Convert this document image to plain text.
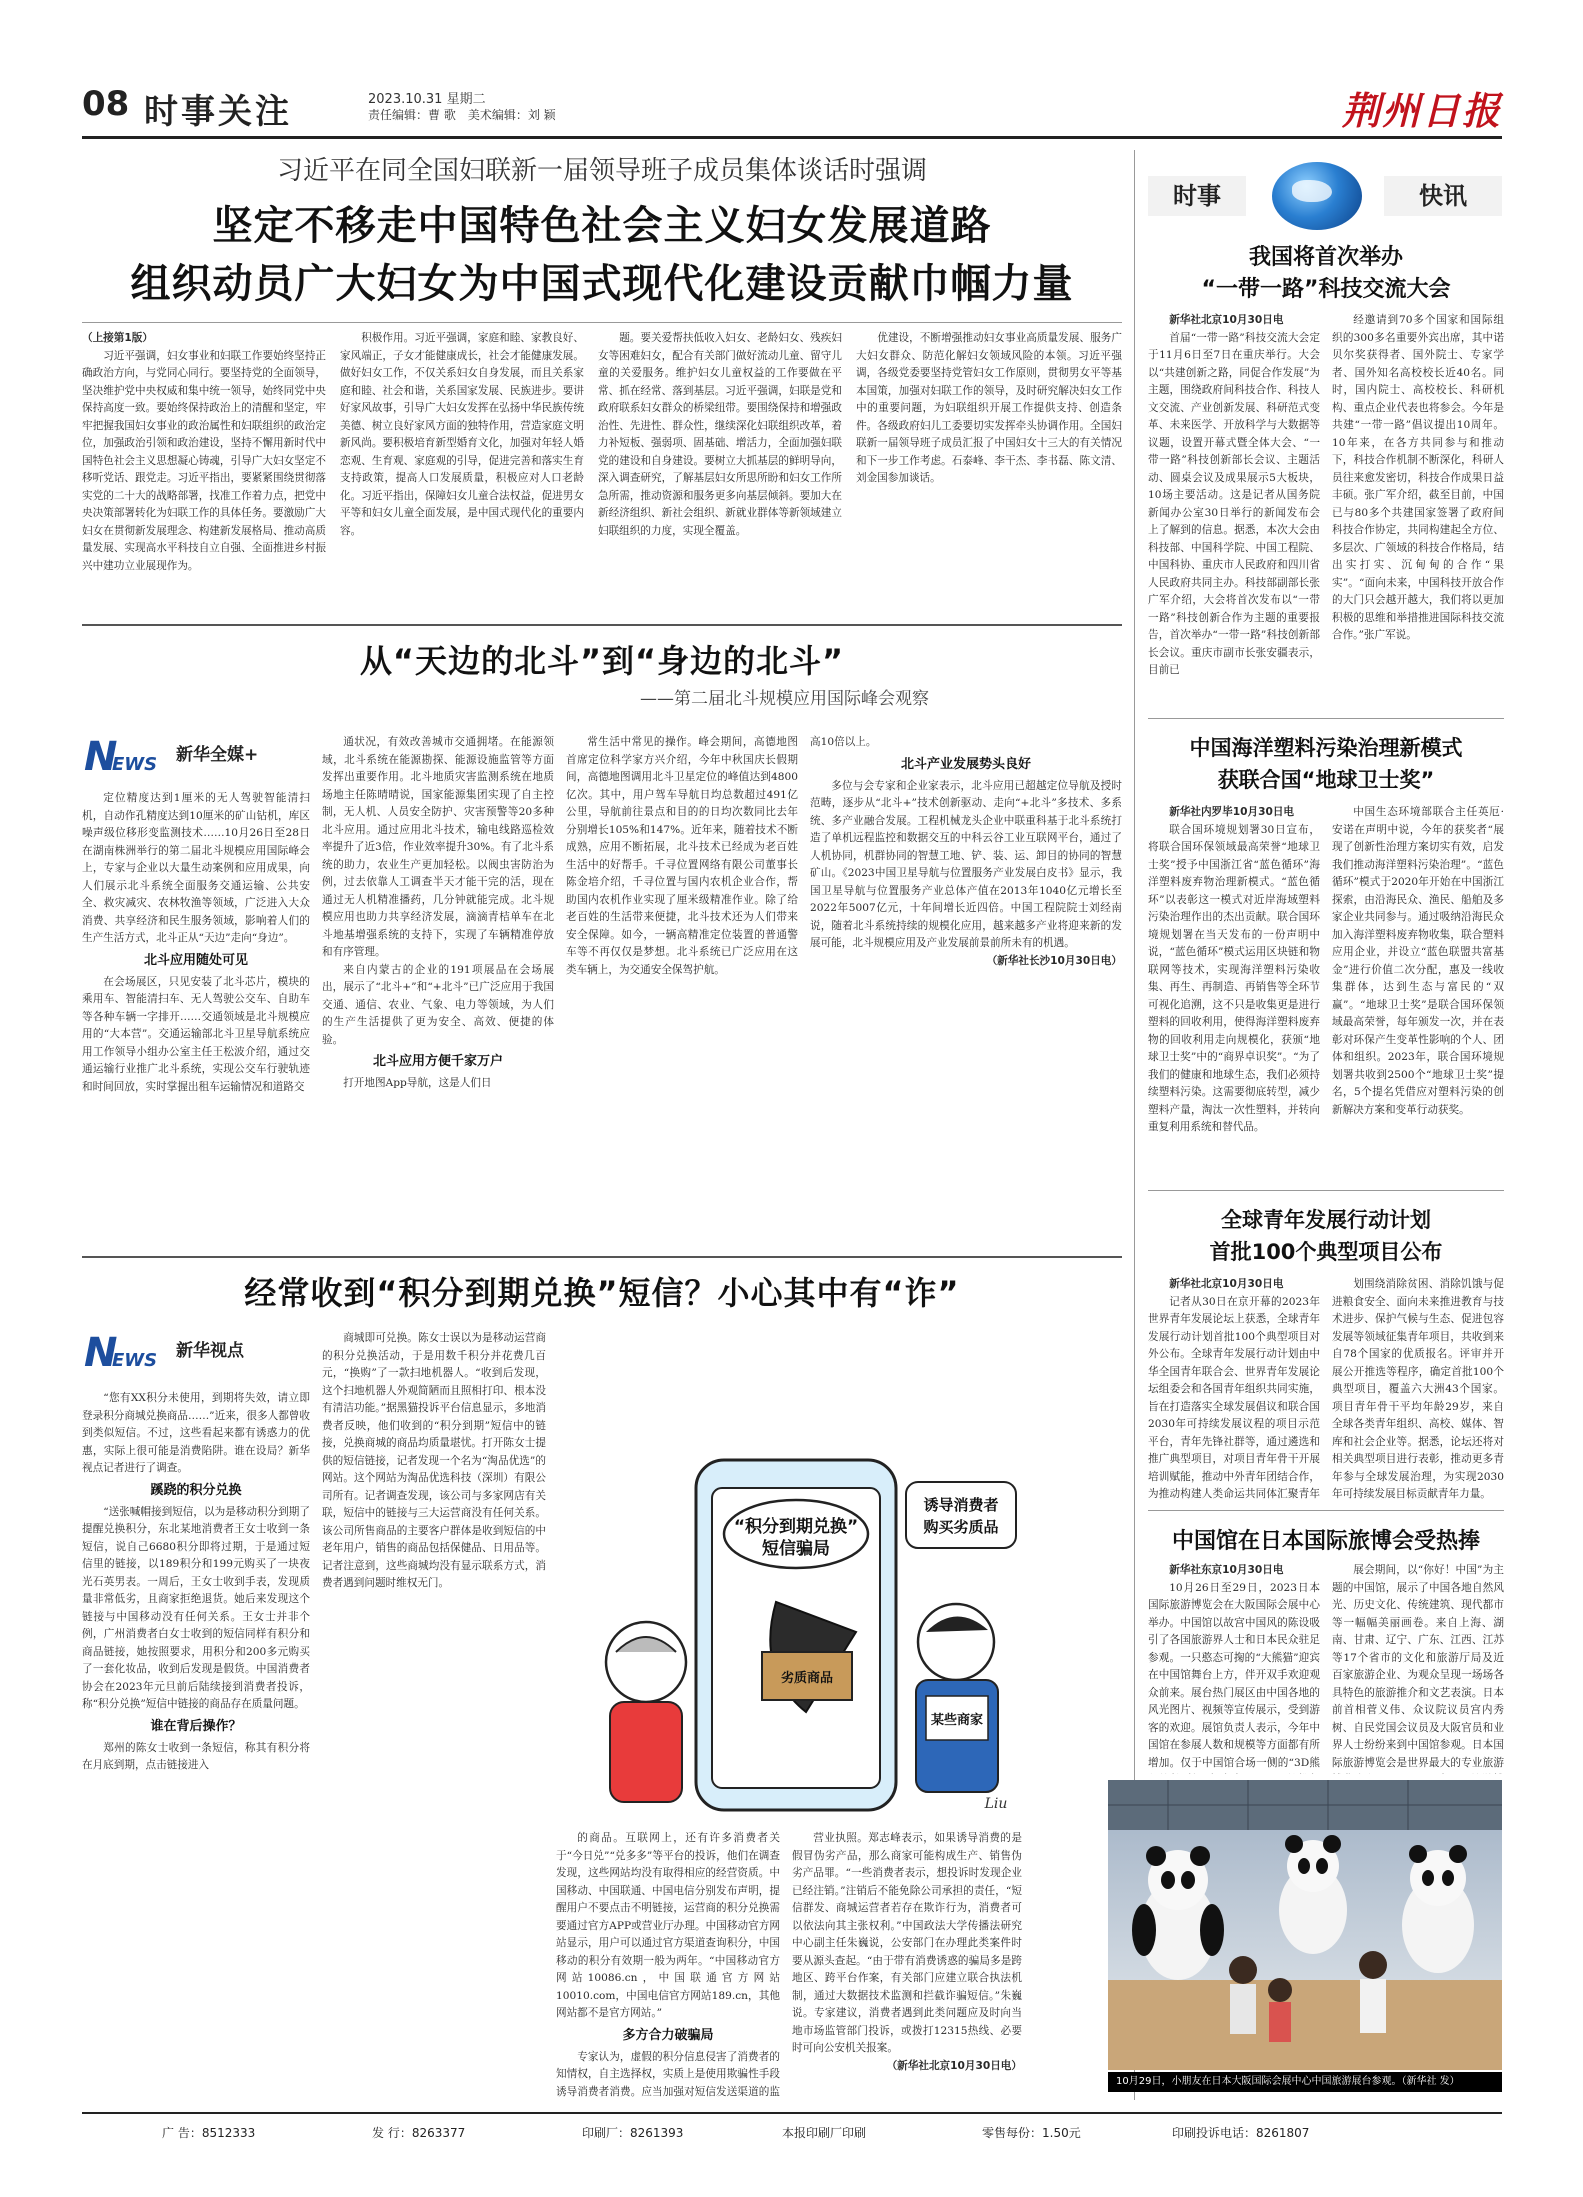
08 时事关注	2023.10.31 星期二
责任编辑：曹 歌　美术编辑：刘 颖	荆州日报
习近平在同全国妇联新一届领导班子成员集体谈话时强调
坚定不移走中国特色社会主义妇女发展道路
组织动员广大妇女为中国式现代化建设贡献巾帼力量
（上接第1版）

习近平强调，妇女事业和妇联工作要始终坚持正确政治方向，与党同心同行。要坚持党的全面领导，坚决维护党中央权威和集中统一领导，始终同党中央保持高度一致。要始终保持政治上的清醒和坚定，牢牢把握我国妇女事业的政治属性和妇联组织的政治定位，加强政治引领和政治建设，坚持不懈用新时代中国特色社会主义思想凝心铸魂，引导广大妇女坚定不移听党话、跟党走。习近平指出，要紧紧围绕贯彻落实党的二十大的战略部署，找准工作着力点，把党中央决策部署转化为妇联工作的具体任务。要激励广大妇女在贯彻新发展理念、构建新发展格局、推动高质量发展、实现高水平科技自立自强、全面推进乡村振兴中建功立业展现作为。

积极作用。习近平强调，家庭和睦、家教良好、家风端正，子女才能健康成长，社会才能健康发展。做好妇女工作，不仅关系妇女自身发展，而且关系家庭和睦、社会和谐，关系国家发展、民族进步。要讲好家风故事，引导广大妇女发挥在弘扬中华民族传统美德、树立良好家风方面的独特作用，营造家庭文明新风尚。要积极培育新型婚育文化，加强对年轻人婚恋观、生育观、家庭观的引导，促进完善和落实生育支持政策，提高人口发展质量，积极应对人口老龄化。习近平指出，保障妇女儿童合法权益，促进男女平等和妇女儿童全面发展，是中国式现代化的重要内容。

题。要关爱帮扶低收入妇女、老龄妇女、残疾妇女等困难妇女，配合有关部门做好流动儿童、留守儿童的关爱服务。维护妇女儿童权益的工作要做在平常、抓在经常、落到基层。习近平强调，妇联是党和政府联系妇女群众的桥梁纽带。要围绕保持和增强政治性、先进性、群众性，继续深化妇联组织改革，着力补短板、强弱项、固基础、增活力，全面加强妇联党的建设和自身建设。要树立大抓基层的鲜明导向，深入调查研究，了解基层妇女所思所盼和妇女工作所急所需，推动资源和服务更多向基层倾斜。要加大在新经济组织、新社会组织、新就业群体等新领域建立妇联组织的力度，实现全覆盖。

优建设，不断增强推动妇女事业高质量发展、服务广大妇女群众、防范化解妇女领域风险的本领。习近平强调，各级党委要坚持党管妇女工作原则，贯彻男女平等基本国策，加强对妇联工作的领导，及时研究解决妇女工作中的重要问题，为妇联组织开展工作提供支持、创造条件。各级政府妇儿工委要切实发挥牵头协调作用。全国妇联新一届领导班子成员汇报了中国妇女十三大的有关情况和下一步工作考虑。石泰峰、李干杰、李书磊、陈文清、刘金国参加谈话。

从“天边的北斗”到“身边的北斗”
——第二届北斗规模应用国际峰会观察
N
EWS 新华全媒+

定位精度达到1厘米的无人驾驶智能清扫机，自动作孔精度达到10厘米的矿山钻机，库区噪声级位移形变监测技术……10月26日至28日在湖南株洲举行的第二届北斗规模应用国际峰会上，专家与企业以大量生动案例和应用成果，向人们展示北斗系统全面服务交通运输、公共安全、救灾减灾、农林牧渔等领域，广泛进入大众消费、共享经济和民生服务领域，影响着人们的生产生活方式，北斗正从“天边”走向“身边”。

北斗应用随处可见

在会场展区，只见安装了北斗芯片，模块的乘用车、智能清扫车、无人驾驶公交车、自助车等各种车辆一字排开……交通领域是北斗规模应用的“大本营”。交通运输部北斗卫星导航系统应用工作领导小组办公室主任王松波介绍，通过交通运输行业推广北斗系统，实现公交车行驶轨迹和时间回放，实时掌握出租车运输情况和道路交

通状况，有效改善城市交通拥堵。在能源领域，北斗系统在能源勘探、能源设施监管等方面发挥出重要作用。北斗地质灾害监测系统在地质场地主任陈晴晴说，国家能源集团实现了自主控制，无人机、人员安全防护、灾害预警等20多种北斗应用。通过应用北斗技术，输电线路巡检效率提升了近3倍，作业效率提升30%。有了北斗系统的助力，农业生产更加轻松。以阀虫害防治为例，过去依靠人工调查半天才能干完的活，现在通过无人机精准播药，几分钟就能完成。北斗规模应用也助力共享经济发展，滴滴青桔单车在北斗地基增强系统的支持下，实现了车辆精准停放和有序管理。

来自内蒙古的企业的191项展品在会场展出，展示了“北斗+”和“+北斗”已广泛应用于我国交通、通信、农业、气象、电力等领域，为人们的生产生活提供了更为安全、高效、便捷的体验。

北斗应用方便千家万户

打开地图App导航，这是人们日

常生活中常见的操作。峰会期间，高德地图首席定位科学家方兴介绍，今年中秋国庆长假期间，高德地图调用北斗卫星定位的峰值达到4800亿次。其中，用户驾车导航日均总数超过491亿公里，导航前往景点和目的的日均次数同比去年分别增长105%和147%。近年来，随着技术不断成熟，应用不断拓展，北斗技术已经成为老百姓生活中的好帮手。千寻位置网络有限公司董事长陈金培介绍，千寻位置与国内农机企业合作，帮助国内农机作业实现了厘米级精准作业。除了给老百姓的生活带来便捷，北斗技术还为人们带来安全保障。如今，一辆高精准定位装置的普通警车等不再仅仅是梦想。北斗系统已广泛应用在这类车辆上，为交通安全保驾护航。

高10倍以上。
北斗产业发展势头良好

多位与会专家和企业家表示，北斗应用已超越定位导航及授时范畴，逐步从“北斗+”技术创新驱动、走向“+北斗”多技术、多系统、多产业融合发展。工程机械龙头企业中联重科基于北斗系统打造了单机远程监控和数据交互的中科云谷工业互联网平台，通过了人机协同，机群协同的智慧工地、铲、装、运、卸目的协同的智慧矿山。《2023中国卫星导航与位置服务产业发展白皮书》显示，我国卫星导航与位置服务产业总体产值在2013年1040亿元增长至2022年5007亿元，十年间增长近四倍。中国工程院院士刘经南说，随着北斗系统持续的规模化应用，越来越多产业将迎来新的发展可能，北斗规模应用及产业发展前景前所未有的机遇。

（新华社长沙10月30日电）
经常收到“积分到期兑换”短信？小心其中有“诈”
N
EWS 新华视点

“您有XX积分未使用，到期将失效，请立即登录积分商城兑换商品……”近来，很多人都曾收到类似短信。不过，这些看起来都有诱惑力的优惠，实际上很可能是消费陷阱。谁在设局？新华视点记者进行了调查。

蹊跷的积分兑换

“送张喊帽接到短信，以为是移动积分到期了提醒兑换积分，东北某地消费者王女士收到一条短信，说自己6680积分即将过期，于是通过短信里的链接，以189积分和199元购买了一块夜光石英男表。一周后，王女士收到手表，发现质量非常低劣，且商家拒绝退货。她后来发现这个链接与中国移动没有任何关系。王女士并非个例，广州消费者白女士收到的短信同样有积分和商品链接，她按照要求，用积分和200多元购买了一套化妆品，收到后发现是假货。中国消费者协会在2023年元旦前后陆续接到消费者投诉，称“积分兑换”短信中链接的商品存在质量问题。

谁在背后操作？

郑州的陈女士收到一条短信，称其有积分将在月底到期，点击链接进入

商城即可兑换。陈女士误以为是移动运营商的积分兑换活动，于是用数千积分并花费几百元，“换购”了一款扫地机器人。“收到后发现，这个扫地机器人外观简陋而且照相打印、根本没有清洁功能。”据黑猫投诉平台信息显示，多地消费者反映，他们收到的“积分到期”短信中的链接，兑换商城的商品均质量堪忧。打开陈女士提供的短信链接，记者发现一个名为“淘品优选”的网站。这个网站为淘品优选科技（深圳）有限公司所有。记者调查发现，该公司与多家网店有关联，短信中的链接与三大运营商没有任何关系。该公司所售商品的主要客户群体是收到短信的中老年用户，销售的商品包括保健品、日用品等。记者注意到，这些商城均没有显示联系方式，消费者遇到问题时维权无门。

“积分到期兑换”
短信骗局
诱导消费者
购买劣质品
劣质商品
某些商家
Liu

的商品。互联网上，还有许多消费者关于“今日兑”“兑多多”等平台的投诉，他们在调查发现，这些网站均没有取得相应的经营资质。中国移动、中国联通、中国电信分别发布声明，提醒用户不要点击不明链接，运营商的积分兑换需要通过官方APP或营业厅办理。中国移动官方网站显示，用户可以通过官方渠道查询积分，中国移动的积分有效期一般为两年。“中国移动官方网站10086.cn，中国联通官方网站10010.com，中国电信官方网站189.cn，其他网站都不是官方网站。”

多方合力破骗局

专家认为，虚假的积分信息侵害了消费者的知情权，自主选择权，实质上是使用欺骗性手段诱导消费者消费。应当加强对短信发送渠道的监

营业执照。郑志峰表示，如果诱导消费的是假冒伪劣产品，那么商家可能构成生产、销售伪劣产品罪。“一些消费者表示，想投诉时发现企业已经注销。”注销后不能免除公司承担的责任，“短信群发、商城运营者若存在欺诈行为，消费者可以依法向其主张权利。”中国政法大学传播法研究中心副主任朱巍说，公安部门在办理此类案件时要从源头查起。“由于带有消费诱惑的骗局多是跨地区、跨平台作案，有关部门应建立联合执法机制，通过大数据技术监测和拦截诈骗短信。”朱巍说。专家建议，消费者遇到此类问题应及时向当地市场监管部门投诉，或拨打12315热线、必要时可向公安机关报案。

（新华社北京10月30日电）
时事	快讯
我国将首次举办
“一带一路”科技交流大会

新华社北京10月30日电

首届“一带一路”科技交流大会定于11月6日至7日在重庆举行。大会以“共建创新之路，同促合作发展”为主题，围绕政府间科技合作、科技人文交流、产业创新发展、科研范式变革、未来医学、开放科学与大数据等议题，设置开幕式暨全体大会、“一带一路”科技创新部长会议、主题活动、圆桌会议及成果展示5大板块，10场主要活动。这是记者从国务院新闻办公室30日举行的新闻发布会上了解到的信息。据悉，本次大会由科技部、中国科学院、中国工程院、中国科协、重庆市人民政府和四川省人民政府共同主办。科技部副部长张广军介绍，大会将首次发布以“一带一路”科技创新合作为主题的重要报告，首次举办“一带一路”科技创新部长会议。重庆市副市长张安疆表示，目前已

经邀请到70多个国家和国际组织的300多名重要外宾出席，其中诺贝尔奖获得者、国外院士、专家学者、国外知名高校校长近40名。同时，国内院士、高校校长、科研机构、重点企业代表也将参会。今年是共建“一带一路”倡议提出10周年。10年来，在各方共同参与和推动下，科技合作机制不断深化，科研人员往来愈发密切，科技合作成果日益丰硕。张广军介绍，截至目前，中国已与80多个共建国家签署了政府间科技合作协定，共同构建起全方位、多层次、广领域的科技合作格局，结出实打实、沉甸甸的合作“果实”。“面向未来，中国科技开放合作的大门只会越开越大，我们将以更加积极的思维和举措推进国际科技交流合作。”张广军说。

中国海洋塑料污染治理新模式
获联合国“地球卫士奖”

新华社内罗毕10月30日电

联合国环境规划署30日宣布，将联合国环保领域最高荣誉“地球卫士奖”授予中国浙江省“蓝色循环”海洋塑料废弃物治理新模式。“蓝色循环”以表彰这一模式对近岸海域塑料污染治理作出的杰出贡献。联合国环境规划署在当天发布的一份声明中说，“蓝色循环”模式运用区块链和物联网等技术，实现海洋塑料污染收集、再生、再制造、再销售等全环节可视化追溯，这不只是收集更是进行塑料的回收利用，使得海洋塑料废弃物的回收利用走向规模化，获颁“地球卫士奖”中的“商界卓识奖”。“为了我们的健康和地球生态，我们必须持续塑料污染。这需要彻底转型，减少塑料产量，淘汰一次性塑料，并转向重复利用系统和替代品。

中国生态环境部联合主任英厄·安诺在声明中说，今年的获奖者“展现了创新性治理方案切实有效，启发我们推动海洋塑料污染治理”。“蓝色循环”模式于2020年开始在中国浙江探索，由沿海民众、渔民、船舶及多家企业共同参与。通过吸纳沿海民众加入海洋塑料废弃物收集，联合塑料应用企业，并设立“蓝色联盟共富基金”进行价值二次分配，惠及一线收集群体，达到生态与富民的“双赢”。“地球卫士奖”是联合国环保领域最高荣誉，每年颁发一次，并在表彰对环保产生变革性影响的个人、团体和组织。2023年，联合国环境规划署共收到2500个“地球卫士奖”提名，5个提名凭借应对塑料污染的创新解决方案和变革行动获奖。

全球青年发展行动计划
首批100个典型项目公布

新华社北京10月30日电

记者从30日在京开幕的2023年世界青年发展论坛上获悉，全球青年发展行动计划首批100个典型项目对外公布。全球青年发展行动计划由中华全国青年联合会、世界青年发展论坛组委会和各国青年组织共同实施，旨在打造落实全球发展倡议和联合国2030年可持续发展议程的项目示范平台，青年先锋社群等，通过遴选和推广典型项目，对项目青年骨干开展培训赋能，推动中外青年团结合作，为推动构建人类命运共同体汇聚青年

划围绕消除贫困、消除饥饿与促进粮食安全、面向未来推进教育与技术进步、保护气候与生态、促进包容发展等领域征集青年项目，共收到来自78个国家的优质报名。评审并开展公开推选等程序，确定首批100个典型项目，覆盖六大洲43个国家。项目青年骨干平均年龄29岁，来自全球各类青年组织、高校、媒体、智库和社会企业等。据悉，论坛还将对相关典型项目进行表彰，推动更多青年参与全球发展治理，为实现2030年可持续发展目标贡献青年力量。

中国馆在日本国际旅博会受热捧

新华社东京10月30日电

10月26日至29日，2023日本国际旅游博览会在大阪国际会展中心举办。中国馆以故宫中国风的陈设吸引了各国旅游界人士和日本民众驻足参观。一只憨态可掬的“大熊猫”迎宾在中国馆舞台上方，伴开双手欢迎观众前来。展台热门展区由中国各地的风光图片、视频等宣传展示，受到游客的欢迎。展馆负责人表示，今年中国馆在参展人数和规模等方面都有所增加。仅于中国馆合场一侧的“3D熊

展会期间，以“你好！中国”为主题的中国馆，展示了中国各地自然风光、历史文化、传统建筑、现代都市等一幅幅美丽画卷。来自上海、湖南、甘肃、辽宁、广东、江西、江苏等17个省市的文化和旅游厅局及近百家旅游企业、为观众呈现一场场各具特色的旅游推介和文艺表演。日本前首相菅义伟、众议院议员宫内秀树、自民党国会议员及大阪官员和业界人士纷纷来到中国馆参观。日本国际旅游博览会是世界最大的专业旅游

10月29日，小朋友在日本大阪国际会展中心中国旅游展台参观。（新华社 发）
广 告：8512333	发 行：8263377	印刷厂：8261393	本报印刷厂印刷	零售每份：1.50元	印刷投诉电话：8261807
